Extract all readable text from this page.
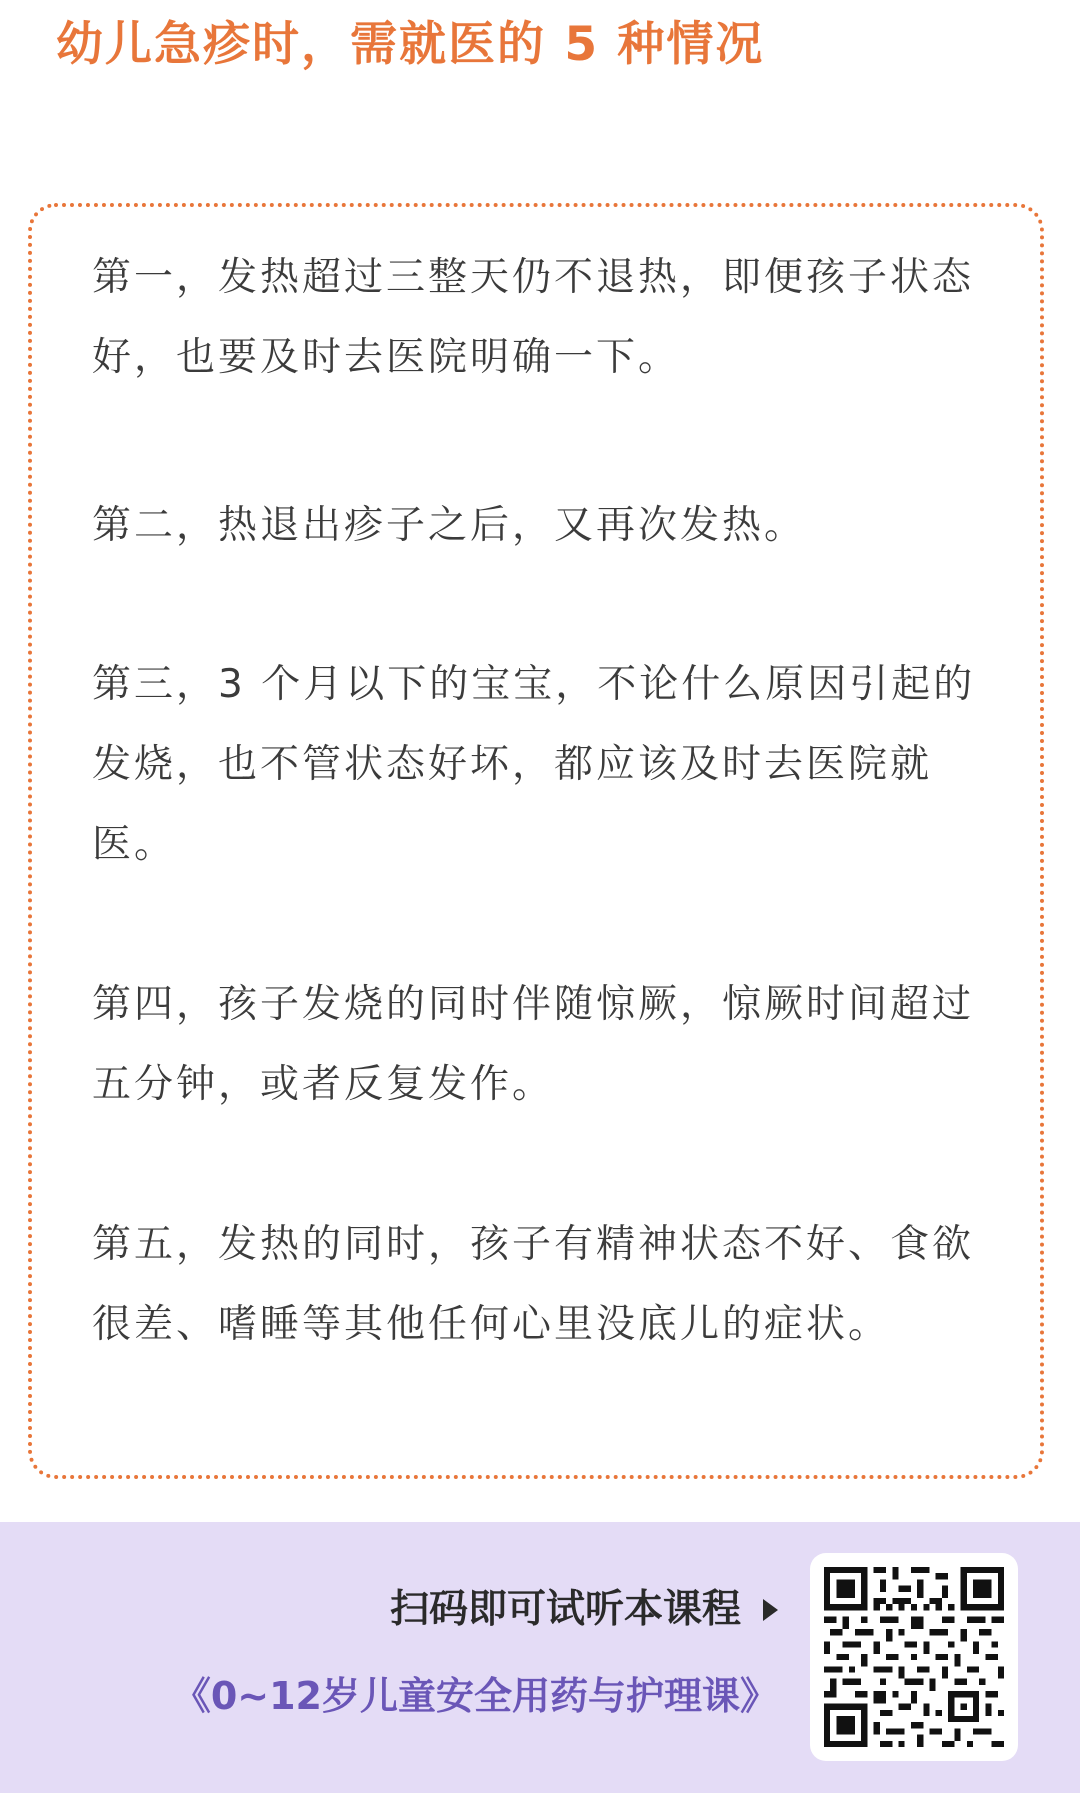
幼儿急疹时，需就医的 5 种情况
第一，发热超过三整天仍不退热，即便孩子状态好，也要及时去医院明确一下。
第二，热退出疹子之后，又再次发热。
第三，3 个月以下的宝宝，不论什么原因引起的发烧，也不管状态好坏，都应该及时去医院就医。
第四，孩子发烧的同时伴随惊厥，惊厥时间超过五分钟，或者反复发作。
第五，发热的同时，孩子有精神状态不好、食欲很差、嗜睡等其他任何心里没底儿的症状。
扫码即可试听本课程
《0~12岁儿童安全用药与护理课》
